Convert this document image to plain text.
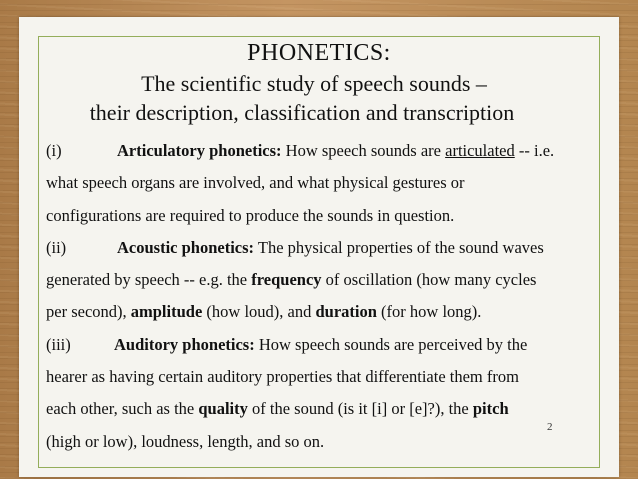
PHONETICS:
The scientific study of speech sounds –
their description, classification and transcription
(i)	Articulatory phonetics: How speech sounds are articulated -- i.e.
what speech organs are involved, and what physical gestures or
configurations are required to produce the sounds in question.
(ii)	Acoustic phonetics: The physical properties of the sound waves
generated by speech -- e.g. the frequency of oscillation (how many cycles
per second), amplitude (how loud), and duration (for how long).
(iii)	Auditory phonetics: How speech sounds are perceived by the
hearer as having certain auditory properties that differentiate them from
each other, such as the quality of the sound (is it [i] or [e]?), the pitch
(high or low), loudness, length, and so on.
2
